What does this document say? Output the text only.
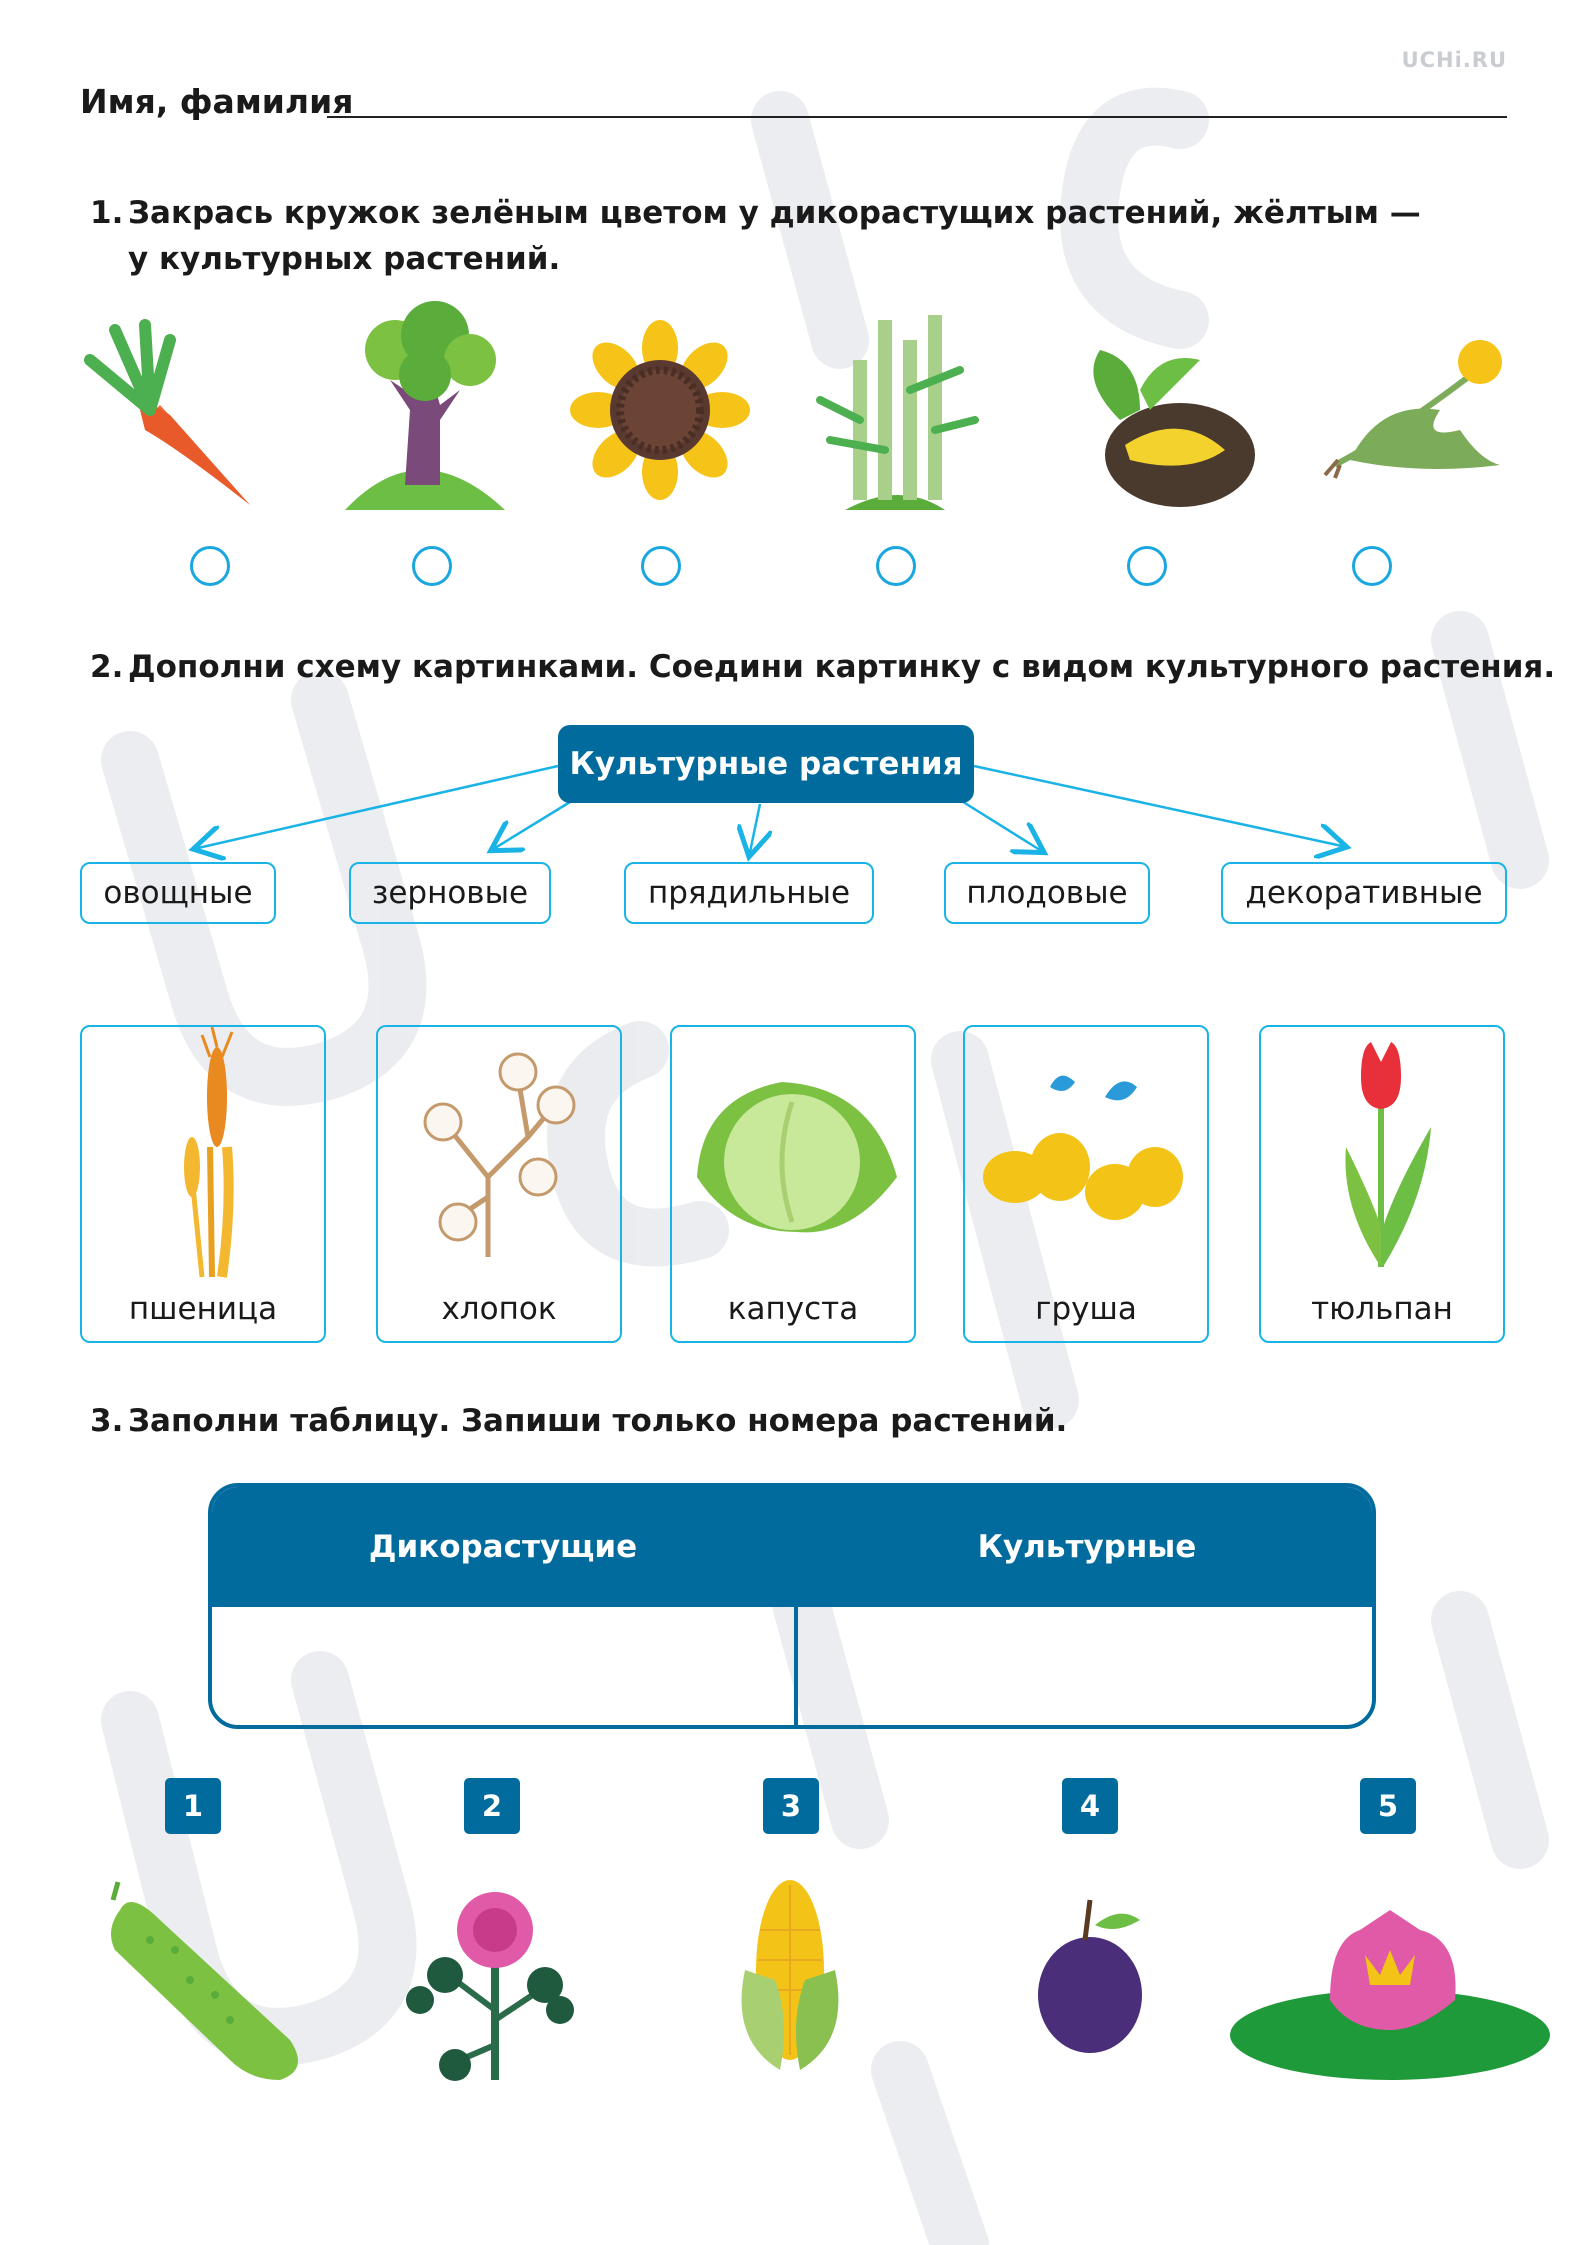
UCHi.RU
Имя, фамилия
1. Закрась кружок зелёным цветом у дикорастущих растений, жёлтым —
у культурных растений.
2. Дополни схему картинками. Соедини картинку с видом культурного растения.
Культурные растения
овощные	зерновые	прядильные	плодовые	декоративные
пшеница	хлопок	капуста	груша	тюльпан
3. Заполни таблицу. Запиши только номера растений.
Дикорастущие	Культурные
1	2	3	4	5
